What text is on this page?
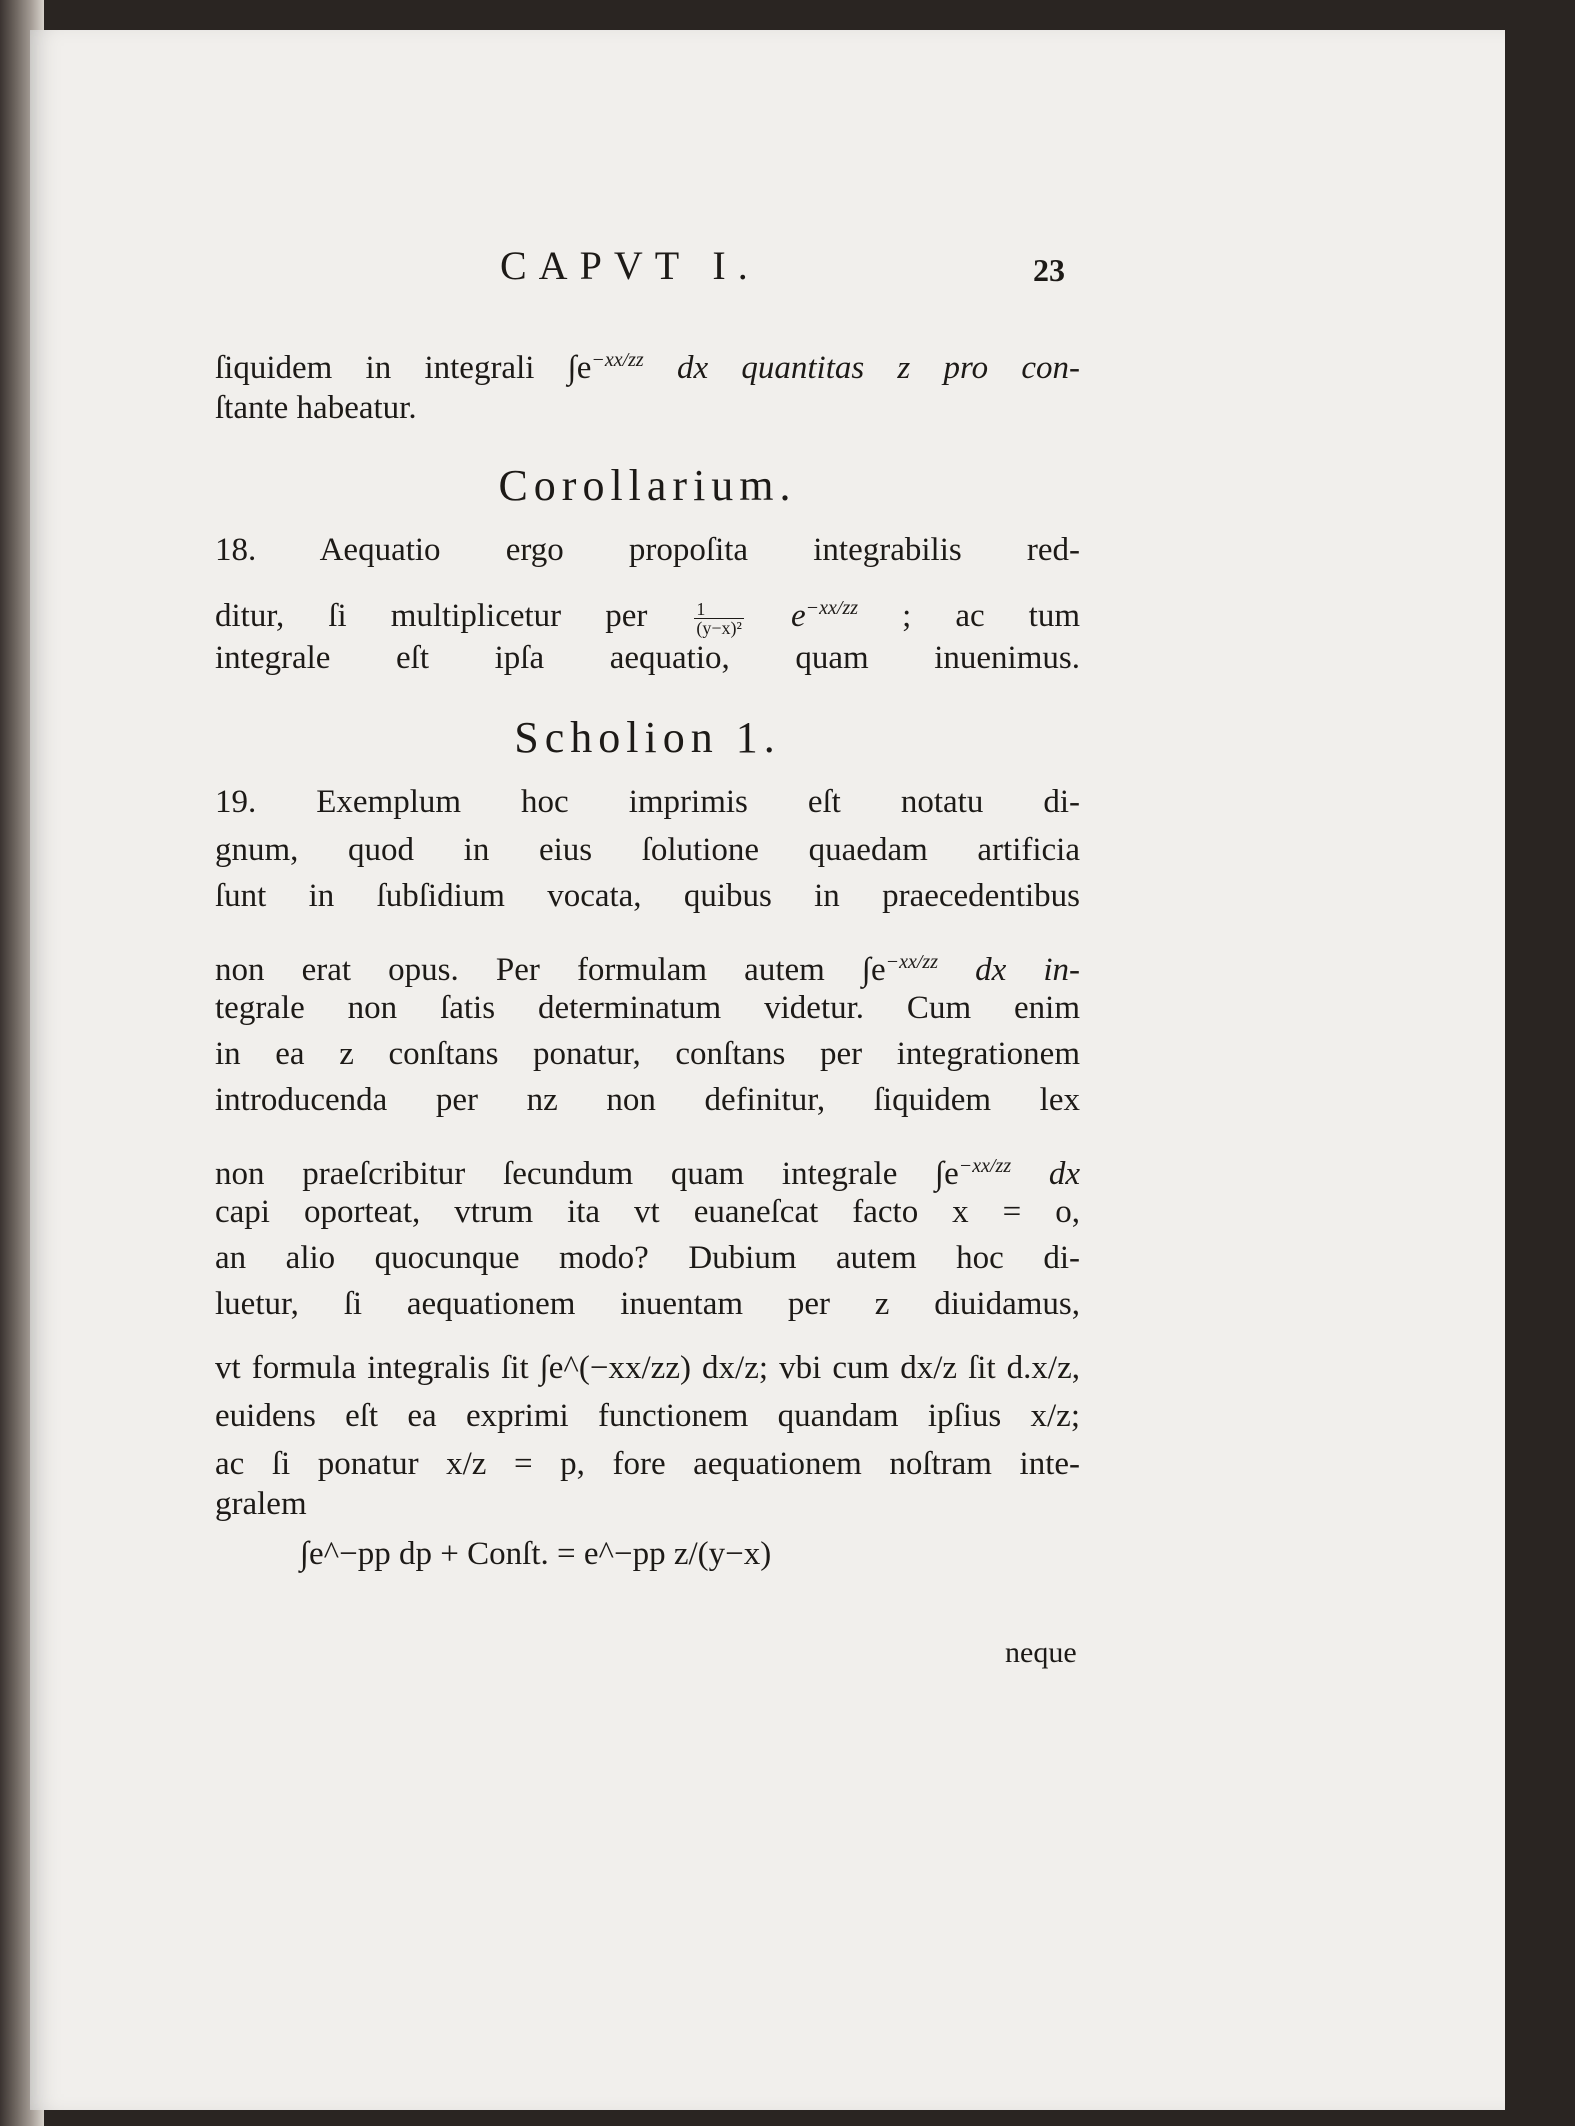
CAPVT I.	23
ſiquidem in integrali $\int e^{-xx/zz}$ dx quantitas z pro con-
ſtante habeatur.
Corollarium.
18. Aequatio ergo propoſita integrabilis red-
ditur, ſi multiplicetur per	$\frac{1}{\text{(y−x)²}} e^{-xx/zz}$ ; ac tum
integrale eſt ipſa aequatio, quam inuenimus.
Scholion 1.
19. Exemplum hoc imprimis eſt notatu di-
gnum, quod in eius ſolutione quaedam artificia
ſunt in ſubſidium vocata, quibus in praecedentibus
non erat opus. Per formulam autem $\int e^{-xx/zz}$ dx in-
tegrale non ſatis determinatum videtur. Cum enim
in ea z conſtans ponatur, conſtans per integrationem
introducenda per nz non definitur, ſiquidem lex
non praeſcribitur ſecundum quam integrale $\int e^{-xx/zz}$ dx
capi oporteat, vtrum ita vt euaneſcat facto x = o,
an alio quocunque modo? Dubium autem hoc di-
luetur, ſi aequationem inuentam per z diuidamus,
vt formula integralis ſit ∫e^(−xx/zz) dx/z; vbi cum dx/z ſit d.x/z,
euidens eſt ea exprimi functionem quandam ipſius x/z;
ac ſi ponatur x/z = p, fore aequationem noſtram inte-
gralem
∫e^−pp dp + Conſt. = e^−pp z/(y−x)
neque
